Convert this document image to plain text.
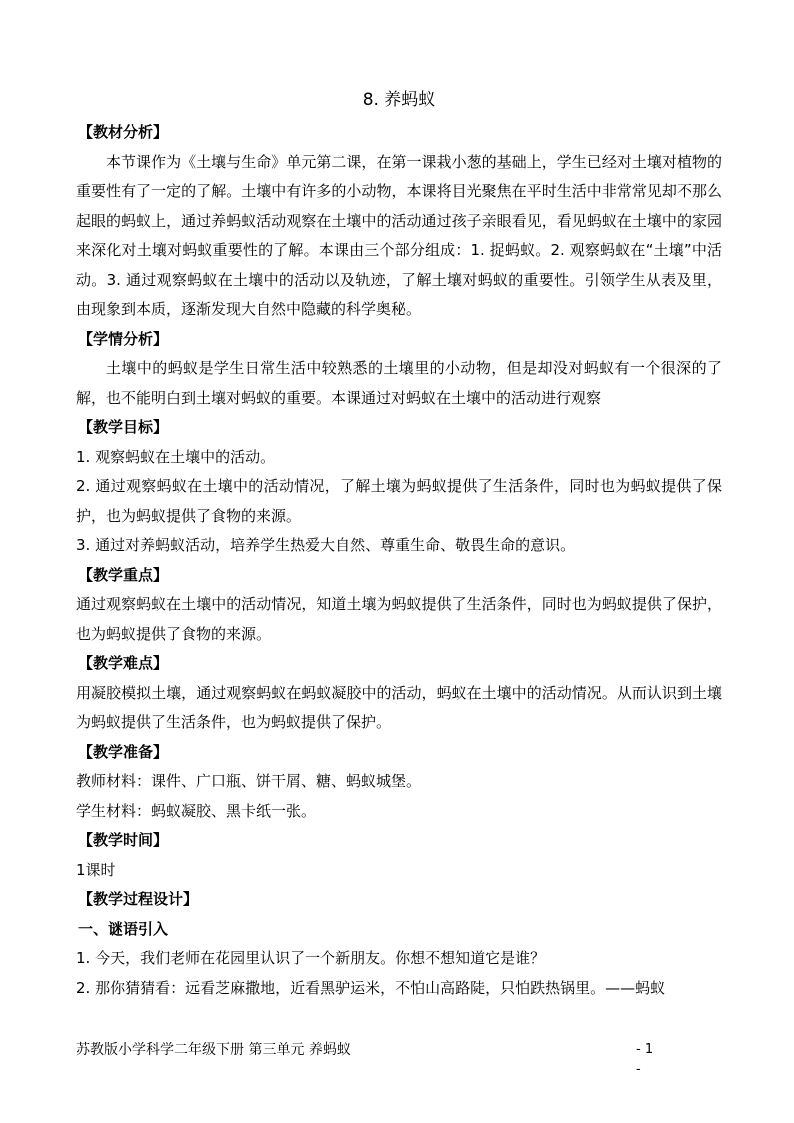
8. 养蚂蚁

【教材分析】

本节课作为《土壤与生命》单元第二课，在第一课栽小葱的基础上，学生已经对土壤对植物的重要性有了一定的了解。土壤中有许多的小动物，本课将目光聚焦在平时生活中非常常见却不那么起眼的蚂蚁上，通过养蚂蚁活动观察在土壤中的活动通过孩子亲眼看见，看见蚂蚁在土壤中的家园来深化对土壤对蚂蚁重要性的了解。本课由三个部分组成：1. 捉蚂蚁。2. 观察蚂蚁在“土壤”中活动。3. 通过观察蚂蚁在土壤中的活动以及轨迹，了解土壤对蚂蚁的重要性。引领学生从表及里，由现象到本质，逐渐发现大自然中隐藏的科学奥秘。

【学情分析】

土壤中的蚂蚁是学生日常生活中较熟悉的土壤里的小动物，但是却没对蚂蚁有一个很深的了解，也不能明白到土壤对蚂蚁的重要。本课通过对蚂蚁在土壤中的活动进行观察

【教学目标】

1. 观察蚂蚁在土壤中的活动。

2. 通过观察蚂蚁在土壤中的活动情况，了解土壤为蚂蚁提供了生活条件，同时也为蚂蚁提供了保护，也为蚂蚁提供了食物的来源。

3. 通过对养蚂蚁活动，培养学生热爱大自然、尊重生命、敬畏生命的意识。

【教学重点】

通过观察蚂蚁在土壤中的活动情况，知道土壤为蚂蚁提供了生活条件，同时也为蚂蚁提供了保护，也为蚂蚁提供了食物的来源。

【教学难点】

用凝胶模拟土壤，通过观察蚂蚁在蚂蚁凝胶中的活动，蚂蚁在土壤中的活动情况。从而认识到土壤为蚂蚁提供了生活条件，也为蚂蚁提供了保护。

【教学准备】

教师材料：课件、广口瓶、饼干屑、糖、蚂蚁城堡。

学生材料：蚂蚁凝胶、黑卡纸一张。

【教学时间】

1课时

【教学过程设计】

一、谜语引入

1. 今天，我们老师在花园里认识了一个新朋友。你想不想知道它是谁？

2. 那你猜猜看：远看芝麻撒地，近看黑驴运米，不怕山高路陡，只怕跌热锅里。——蚂蚁

苏教版小学科学二年级下册 第三单元 养蚂蚁	- 1 -
